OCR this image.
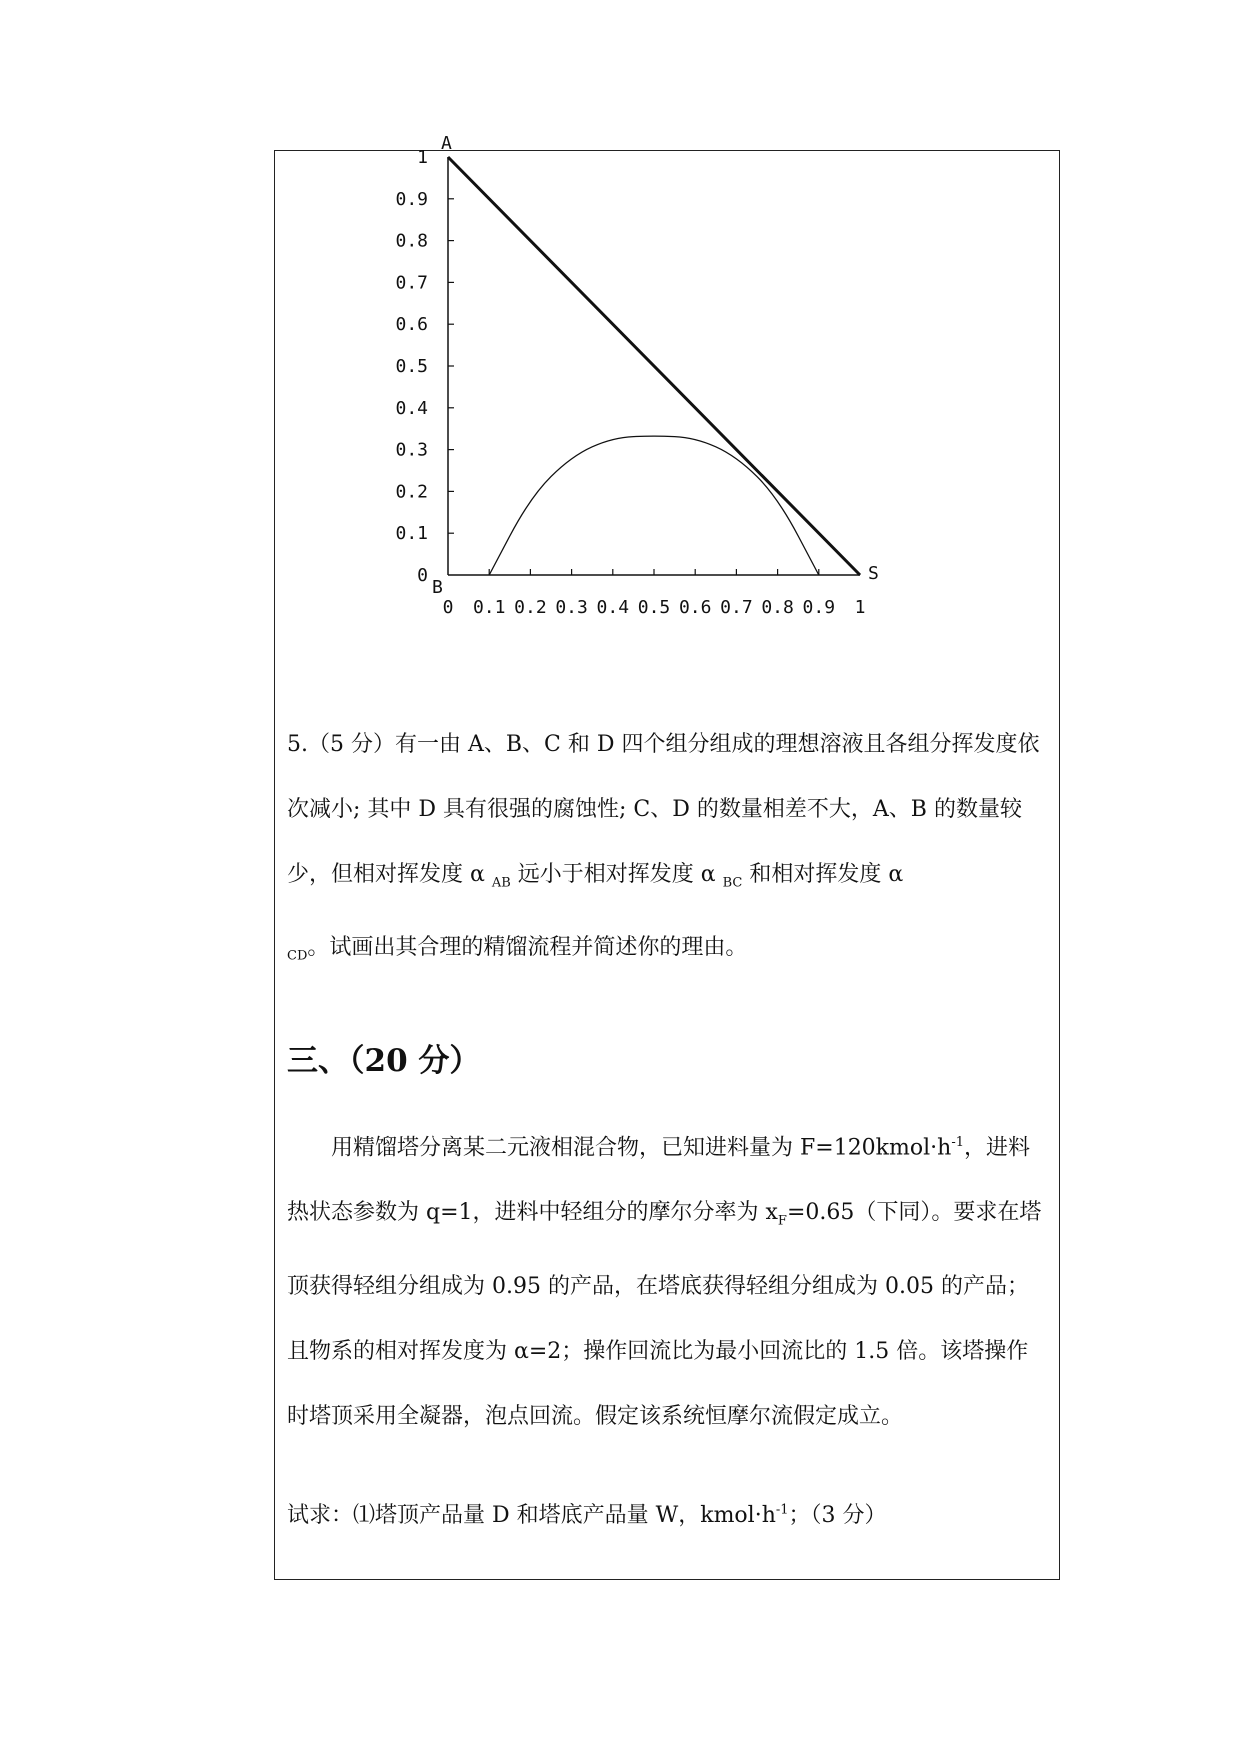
0 0.1 0.2 0.3 0.4 0.5 0.6 0.7 0.8 0.9 1
0
0.1
0.2
0.3
0.4
0.5
0.6
0.7
0.8
0.9
1
A
B
S

5.（5 分）有一由 A、B、C 和 D 四个组分组成的理想溶液且各组分挥发度依次减小; 其中 D 具有很强的腐蚀性; C、D 的数量相差不大，A、B 的数量较少，但相对挥发度 α $_{AB}$ 远小于相对挥发度 α $_{BC}$ 和相对挥发度 α
$_{CD}$。试画出其合理的精馏流程并简述你的理由。

三、（20 分）

用精馏塔分离某二元液相混合物，已知进料量为 $F=120kmol\cdot h^{-1}$，进料热状态参数为 q=1，进料中轻组分的摩尔分率为 $x_F=0.65$（下同）。要求在塔顶获得轻组分组成为 0.95 的产品，在塔底获得轻组分组成为 0.05 的产品；且物系的相对挥发度为 α=2；操作回流比为最小回流比的 1.5 倍。该塔操作时塔顶采用全凝器，泡点回流。假定该系统恒摩尔流假定成立。

试求：⑴塔顶产品量 D 和塔底产品量 W，$kmol\cdot h^{-1}$；（3 分）
